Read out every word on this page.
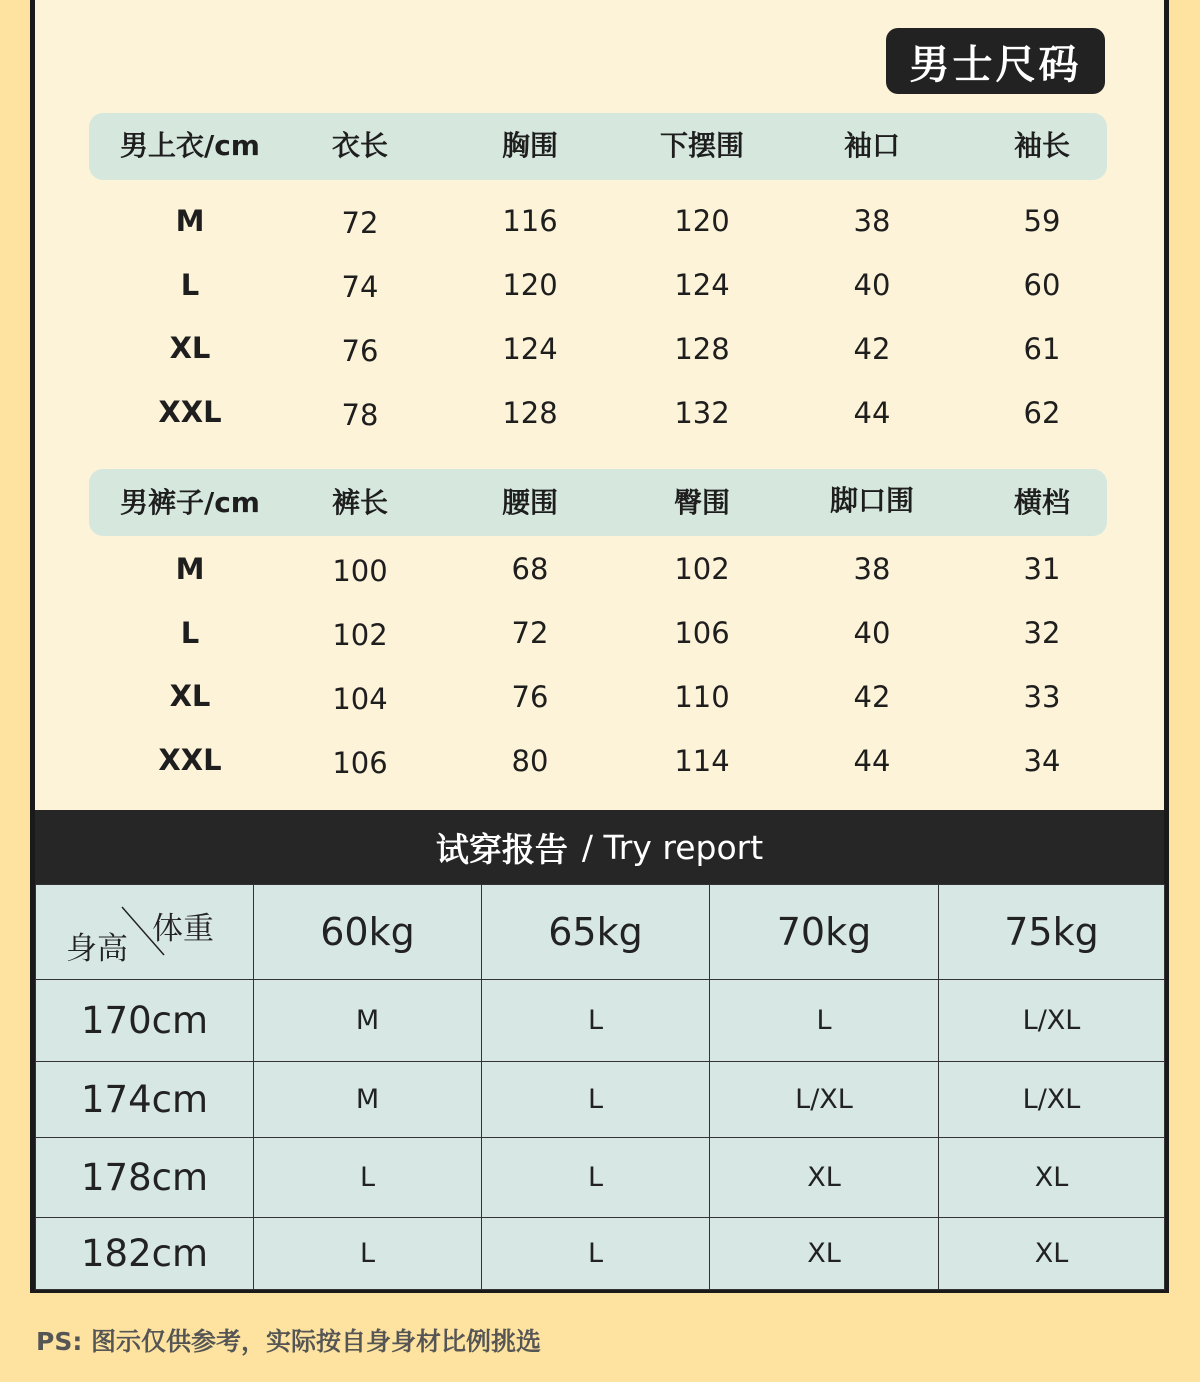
男士尺码
男上衣/cm	衣长	胸围	下摆围	袖口	袖长
M	72	116	120	38	59
L	74	120	124	40	60
XL	76	124	128	42	61
XXL	78	128	132	44	62
男裤子/cm	裤长	腰围	臀围	脚口围	横档
M	100	68	102	38	31
L	102	72	106	40	32
XL	104	76	110	42	33
XXL	106	80	114	44	34
试穿报告 / Try report
身高
体重	60kg	65kg	70kg	75kg
170cm	M	L	L	L/XL
174cm	M	L	L/XL	L/XL
178cm	L	L	XL	XL
182cm	L	L	XL	XL
PS: 图示仅供参考，实际按自身身材比例挑选
